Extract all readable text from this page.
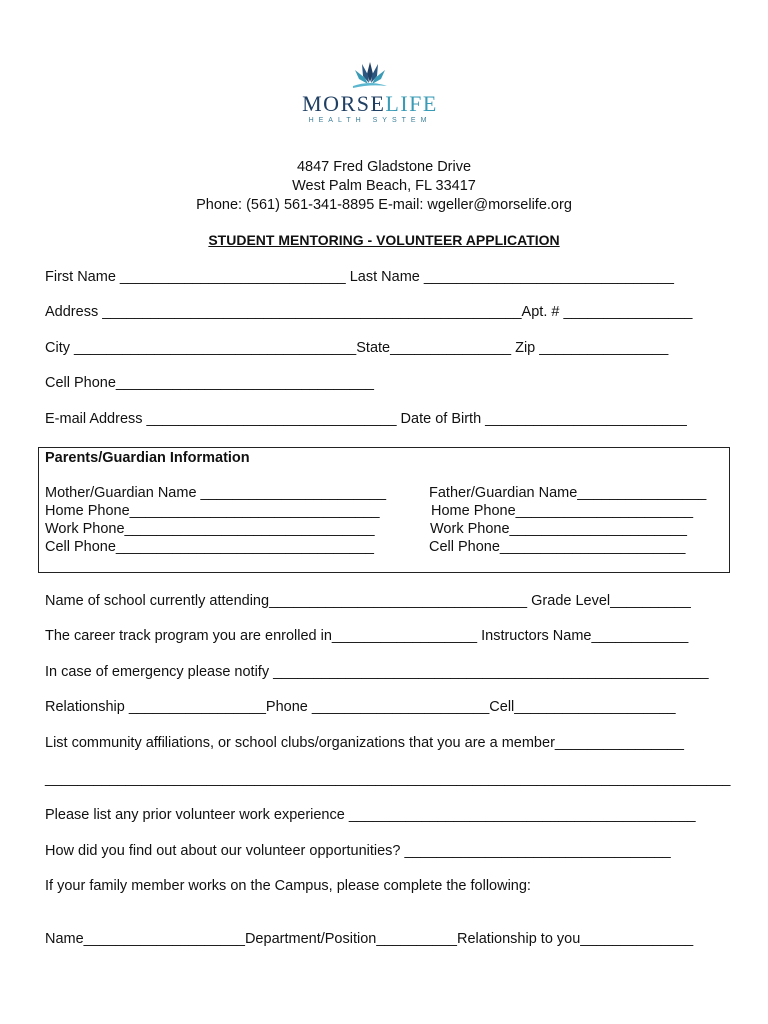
MORSELIFE
HEALTH SYSTEM
4847 Fred Gladstone Drive
West Palm Beach, FL 33417
Phone: (561) 561-341-8895 E-mail: wgeller@morselife.org
STUDENT MENTORING - VOLUNTEER APPLICATION
First Name ____________________________ Last Name _______________________________
Address ____________________________________________________Apt. # ________________
City ___________________________________State_______________ Zip ________________
Cell Phone________________________________
E-mail Address _______________________________ Date of Birth _________________________
Parents/Guardian Information
Mother/Guardian Name _______________________	Father/Guardian Name________________
Home Phone_______________________________	Home Phone______________________
Work Phone_______________________________	Work Phone______________________
Cell Phone________________________________	Cell Phone_______________________
Name of school currently attending________________________________ Grade Level__________
The career track program you are enrolled in__________________ Instructors Name____________
In case of emergency please notify ______________________________________________________
Relationship _________________Phone ______________________Cell____________________
List community affiliations, or school clubs/organizations that you are a member________________
_____________________________________________________________________________________
Please list any prior volunteer work experience ___________________________________________
How did you find out about our volunteer opportunities? _________________________________
If your family member works on the Campus, please complete the following:
Name____________________Department/Position__________Relationship to you______________
